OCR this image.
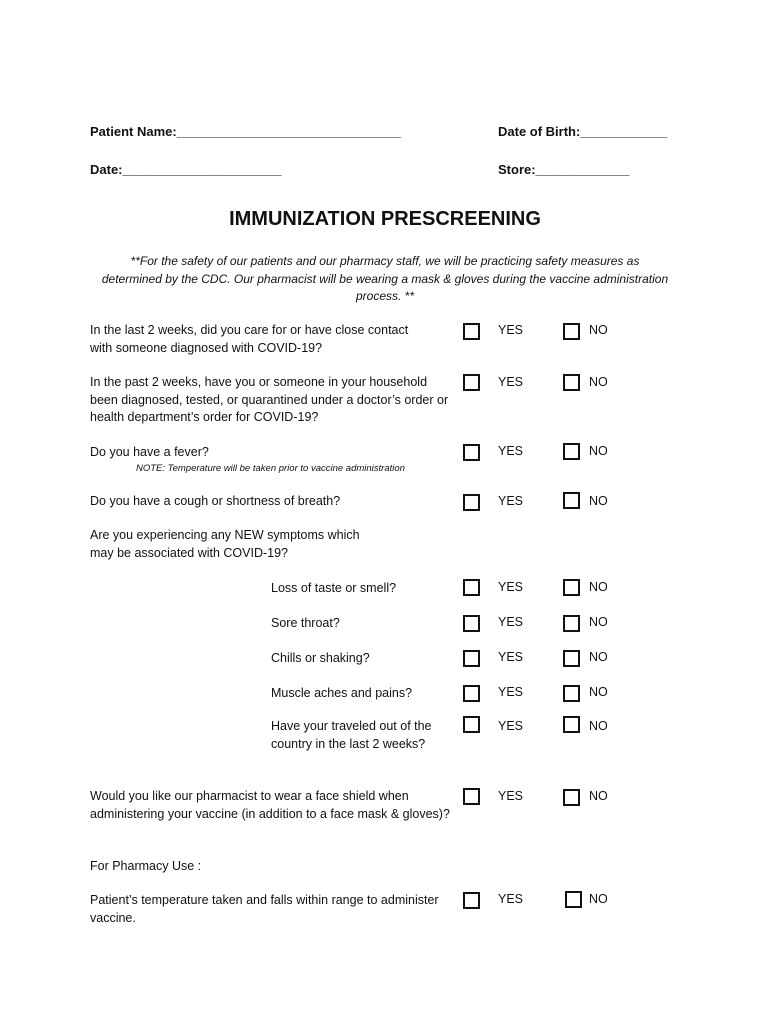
Patient Name:_______________________________	Date of Birth:____________
Date:______________________	Store:_____________
IMMUNIZATION PRESCREENING
**For the safety of our patients and our pharmacy staff, we will be practicing safety measures as determined by the CDC. Our pharmacist will be wearing a mask & gloves during the vaccine administration process. **
In the last 2 weeks, did you care for or have close contact with someone diagnosed with COVID-19?
YES	NO
In the past 2 weeks, have you or someone in your household been diagnosed, tested, or quarantined under a doctor’s order or health department’s order for COVID-19?
YES	NO
Do you have a fever?
NOTE: Temperature will be taken prior to vaccine administration
YES	NO
Do you have a cough or shortness of breath?	YES	NO
Are you experiencing any NEW symptoms which may be associated with COVID-19?
Loss of taste or smell?	YES	NO
Sore throat?	YES	NO
Chills or shaking?	YES	NO
Muscle aches and pains?	YES	NO
Have your traveled out of the country in the last 2 weeks?
YES	NO
Would you like our pharmacist to wear a face shield when administering your vaccine (in addition to a face mask & gloves)?
YES	NO
For Pharmacy Use :
Patient’s temperature taken and falls within range to administer vaccine.
YES	NO
